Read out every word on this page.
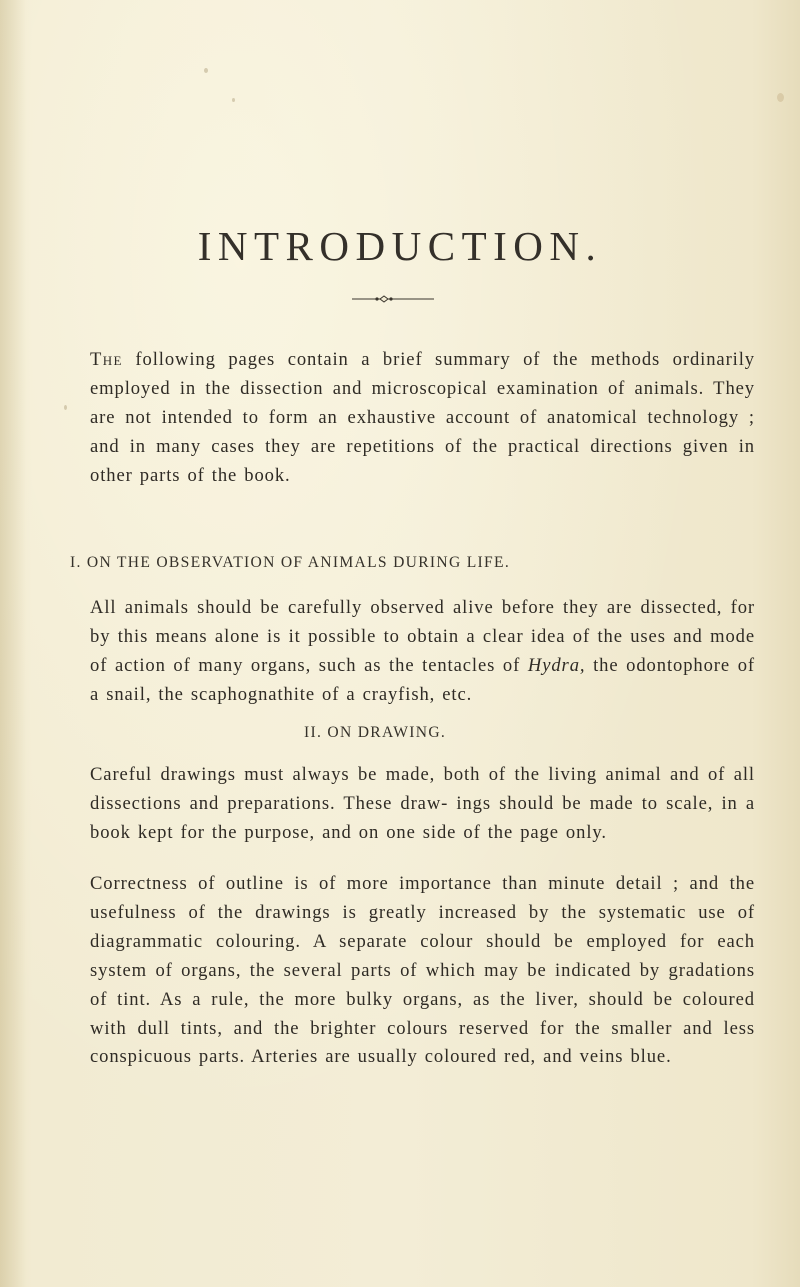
INTRODUCTION.

The following pages contain a brief summary of the methods ordinarily employed in the dissection and microscopical examination of animals. They are not intended to form an exhaustive account of anatomical technology ; and in many cases they are repetitions of the practical directions given in other parts of the book.

I. ON THE OBSERVATION OF ANIMALS DURING LIFE.

All animals should be carefully observed alive before they are dissected, for by this means alone is it possible to obtain a clear idea of the uses and mode of action of many organs, such as the tentacles of Hydra, the odontophore of a snail, the scaphognathite of a crayfish, etc.

II. ON DRAWING.

Careful drawings must always be made, both of the living animal and of all dissections and preparations. These draw- ings should be made to scale, in a book kept for the purpose, and on one side of the page only.

Correctness of outline is of more importance than minute detail ; and the usefulness of the drawings is greatly increased by the systematic use of diagrammatic colouring. A separate colour should be employed for each system of organs, the several parts of which may be indicated by gradations of tint. As a rule, the more bulky organs, as the liver, should be coloured with dull tints, and the brighter colours reserved for the smaller and less conspicuous parts. Arteries are usually coloured red, and veins blue.
